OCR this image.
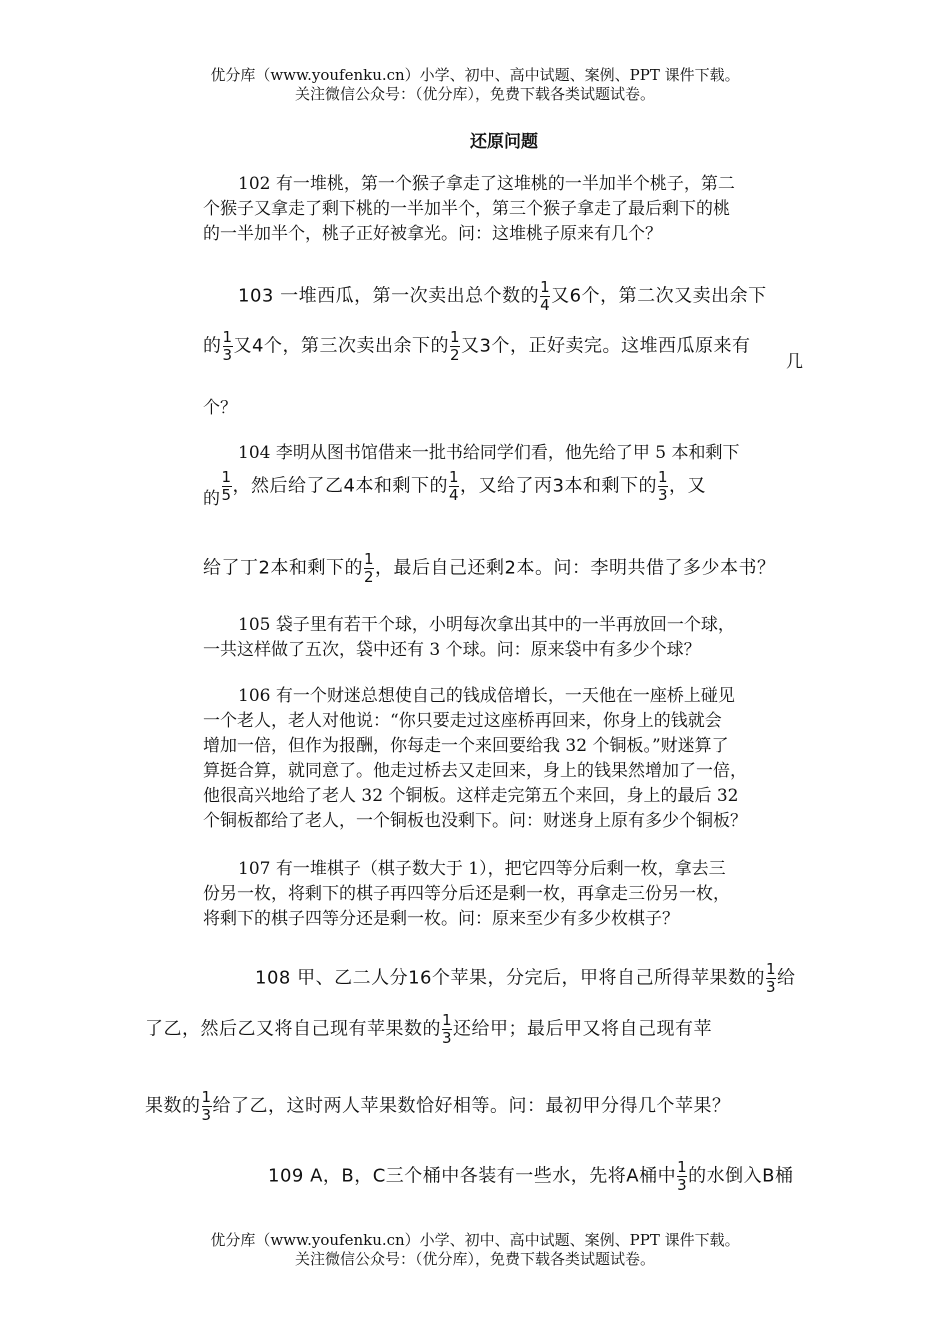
优分库（www.youfenku.cn）小学、初中、高中试题、案例、PPT 课件下载。
关注微信公众号：（优分库），免费下载各类试题试卷。
还原问题
102 有一堆桃，第一个猴子拿走了这堆桃的一半加半个桃子，第二
个猴子又拿走了剩下桃的一半加半个，第三个猴子拿走了最后剩下的桃
的一半加半个，桃子正好被拿光。问：这堆桃子原来有几个？
103 一堆西瓜，第一次卖出总个数的 $\frac{1}{4}$ 又6个，第二次又卖出余下
的 $\frac{1}{3}$ 又4个，第三次卖出余下的 $\frac{1}{2}$ 又3个，正好卖完。这堆西瓜原来有
几
个？
104 李明从图书馆借来一批书给同学们看，他先给了甲 5 本和剩下
的 $\frac{1}{5}$ ，然后给了乙4本和剩下的 $\frac{1}{4}$ ，又给了丙3本和剩下的 $\frac{1}{3}$ ，又
给了丁2本和剩下的 $\frac{1}{2}$ ，最后自己还剩2本。问：李明共借了多少本书？
105 袋子里有若干个球，小明每次拿出其中的一半再放回一个球，
一共这样做了五次，袋中还有 3 个球。问：原来袋中有多少个球？
106 有一个财迷总想使自己的钱成倍增长，一天他在一座桥上碰见
一个老人，老人对他说：“你只要走过这座桥再回来，你身上的钱就会
增加一倍，但作为报酬，你每走一个来回要给我 32 个铜板。”财迷算了
算挺合算，就同意了。他走过桥去又走回来，身上的钱果然增加了一倍，
他很高兴地给了老人 32 个铜板。这样走完第五个来回，身上的最后 32
个铜板都给了老人，一个铜板也没剩下。问：财迷身上原有多少个铜板？
107 有一堆棋子（棋子数大于 1），把它四等分后剩一枚，拿去三
份另一枚，将剩下的棋子再四等分后还是剩一枚，再拿走三份另一枚，
将剩下的棋子四等分还是剩一枚。问：原来至少有多少枚棋子？
108 甲、乙二人分16个苹果，分完后，甲将自己所得苹果数的 $\frac{1}{3}$ 给
了乙，然后乙又将自己现有苹果数的 $\frac{1}{3}$ 还给甲；最后甲又将自己现有苹
果数的 $\frac{1}{3}$ 给了乙，这时两人苹果数恰好相等。问：最初甲分得几个苹果？
109 A，B，C三个桶中各装有一些水，先将A桶中 $\frac{1}{3}$ 的水倒入B桶
优分库（www.youfenku.cn）小学、初中、高中试题、案例、PPT 课件下载。
关注微信公众号：（优分库），免费下载各类试题试卷。
